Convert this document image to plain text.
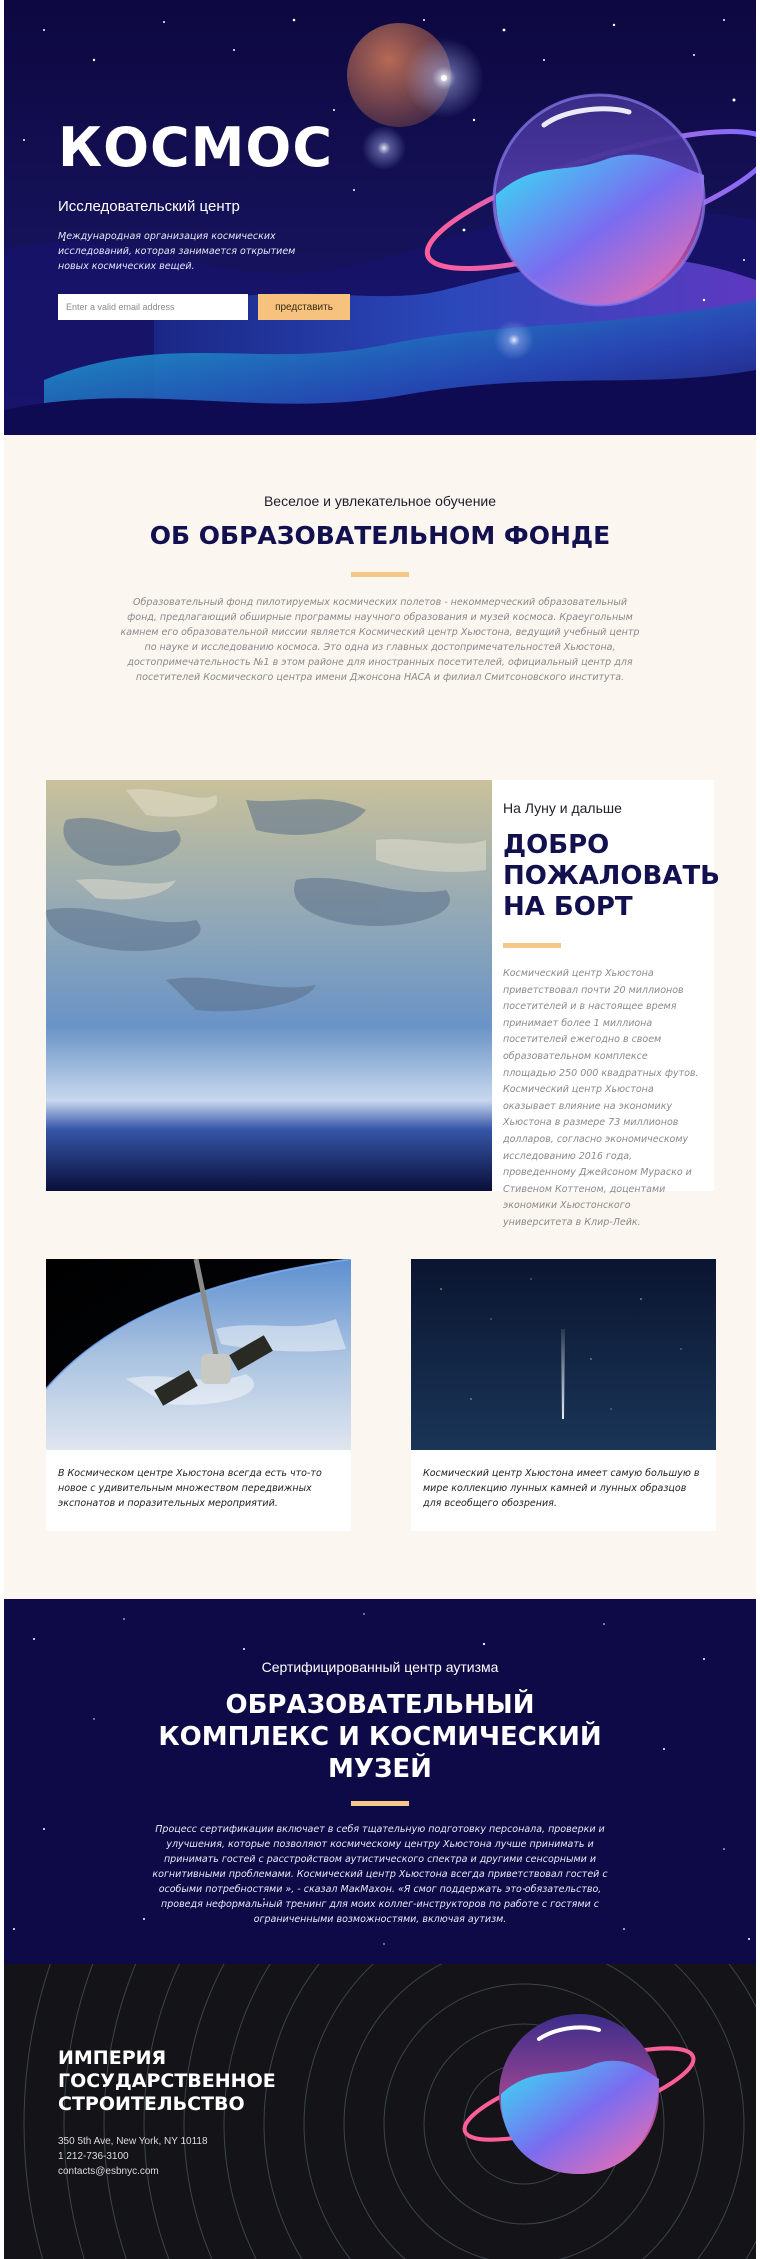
КОСМОС
Исследовательский центр

Международная организация космических исследований, которая занимается открытием новых космических вещей.

Enter a valid email address
представить
Веселое и увлекательное обучение
ОБ ОБРАЗОВАТЕЛЬНОМ ФОНДЕ

Образовательный фонд пилотируемых космических полетов - некоммерческий образовательный фонд, предлагающий обширные программы научного образования и музей космоса. Краеугольным камнем его образовательной миссии является Космический центр Хьюстона, ведущий учебный центр по науке и исследованию космоса. Это одна из главных достопримечательностей Хьюстона, достопримечательность №1 в этом районе для иностранных посетителей, официальный центр для посетителей Космического центра имени Джонсона НАСА и филиал Смитсоновского института.

На Луну и дальше
ДОБРО ПОЖАЛОВАТЬ НА БОРТ

Космический центр Хьюстона приветствовал почти 20 миллионов посетителей и в настоящее время принимает более 1 миллиона посетителей ежегодно в своем образовательном комплексе площадью 250 000 квадратных футов. Космический центр Хьюстона оказывает влияние на экономику Хьюстона в размере 73 миллионов долларов, согласно экономическому исследованию 2016 года, проведенному Джейсоном Мураско и Стивеном Коттеном, доцентами экономики Хьюстонского университета в Клир-Лейк.

В Космическом центре Хьюстона всегда есть что-то новое с удивительным множеством передвижных экспонатов и поразительных мероприятий.

Космический центр Хьюстона имеет самую большую в мире коллекцию лунных камней и лунных образцов для всеобщего обозрения.

Сертифицированный центр аутизма
ОБРАЗОВАТЕЛЬНЫЙ КОМПЛЕКС И КОСМИЧЕСКИЙ МУЗЕЙ

Процесс сертификации включает в себя тщательную подготовку персонала, проверки и улучшения, которые позволяют космическому центру Хьюстона лучше принимать и принимать гостей с расстройством аутистического спектра и другими сенсорными и когнитивными проблемами. Космический центр Хьюстона всегда приветствовал гостей с особыми потребностями », - сказал МакМахон. «Я смог поддержать это обязательство, проведя неформальный тренинг для моих коллег-инструкторов по работе с гостями с ограниченными возможностями, включая аутизм.

ИМПЕРИЯ ГОСУДАРСТВЕННОЕ СТРОИТЕЛЬСТВО
350 5th Ave, New York, NY 10118
1 212-736-3100
contacts@esbnyc.com
